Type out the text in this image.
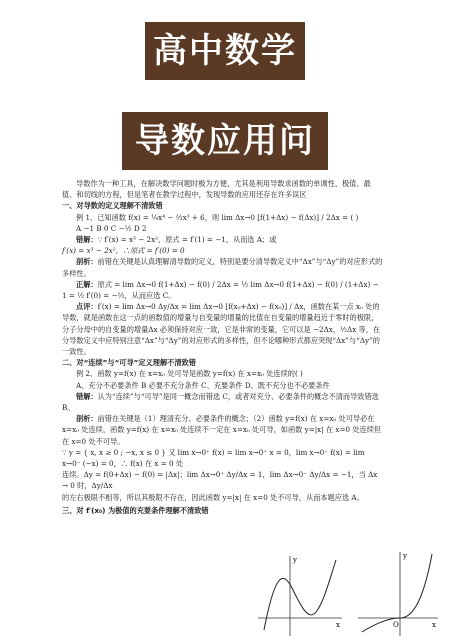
高中数学
导数应用问题

导数作为一种工具，在解决数学问题时极为方便，尤其是利用导数求函数的单调性、极值、最值、和切线的方程，但是笔者在教学过程中，发现导数的应用还存在许多误区

一、对导数的定义理解不清致错

例 1、已知函数 f(x) = ¼x⁴ − ⅔x³ + 6，则 lim Δx→0 [f(1+Δx) − f(Δx)] / 2Δx = ( )

A −1 B 0 C −½ D 2

错解：∵ f′(x) = x³ − 2x²，原式 = f′(1) = −1，从而选 A；或

f′(x) = x³ − 2x²，∴原式 = f′(0) = 0

剖析：前错在关键是认真理解清导数的定义，特别是要分清导数定义中“Δx”与“Δy”的对应形式的多样性。

正解：原式 = lim Δx→0 f(1+Δx) − f(0) / 2Δx = ½ lim Δx→0 f(1+Δx) − f(0) / (1+Δx) − 1 = ½ f′(0) = −½，从而应选 C。

点评：f′(x) = lim Δx→0 Δy/Δx = lim Δx→0 [f(x₀+Δx) − f(x₀)] / Δx，函数在某一点 x₀ 处的导数，就是函数在这一点的函数值的增量与自变量的增量的比值在自变量的增量趋近于零时的极限，分子分母中的自变量的增量Δx 必须保持对应一致，它是非常的变量，它可以是 −2Δx，½Δx 等，在分导数定义中应特别注意“Δx”与“Δy”的对应形式的多样性，但不论哪种形式都应突现“Δx”与“Δy”的一致性。

二、对“连续”与“可导”定义理解不清致错

例 2、函数 y=f(x) 在 x=x₀ 处可导是函数 y=f(x) 在 x=x₀ 处连续的( )

A、充分不必要条件 B 必要不充分条件 C、充要条件 D、既不充分也不必要条件

错解：认为“连续”与“可导”是同一概念而错选 C，或者对充分、必要条件的概念不清而导致错选 B。

剖析：前错在关键是（1）理清充分、必要条件的概念；（2）函数 y=f(x) 在 x=x₀ 处可导必在 x=x₀ 处连续，函数 y=f(x) 在 x=x₀ 处连续不一定在 x=x₀ 处可导，如函数 y=|x| 在 x=0 处连续但在 x=0 处不可导。

∵ y = { x, x ≥ 0 ; −x, x ≤ 0 } 又 lim x→0⁺ f(x) = lim x→0⁺ x = 0，lim x→0⁻ f(x) = lim x→0⁻ (−x) = 0，∴ f(x) 在 x = 0 处

连续。Δy = f(0+Δx) − f(0) = |Δx|；lim Δx→0⁺ Δy/Δx = 1，lim Δx→0⁻ Δy/Δx = −1，当 Δx → 0 时，Δy/Δx

的左右极限不相等，所以其极限不存在，因此函数 y=|x| 在 x=0 处不可导，从而本题应选 A。

三、对 f′(x₀) 为极值的充要条件理解不清致错

y
x
y
x
O
